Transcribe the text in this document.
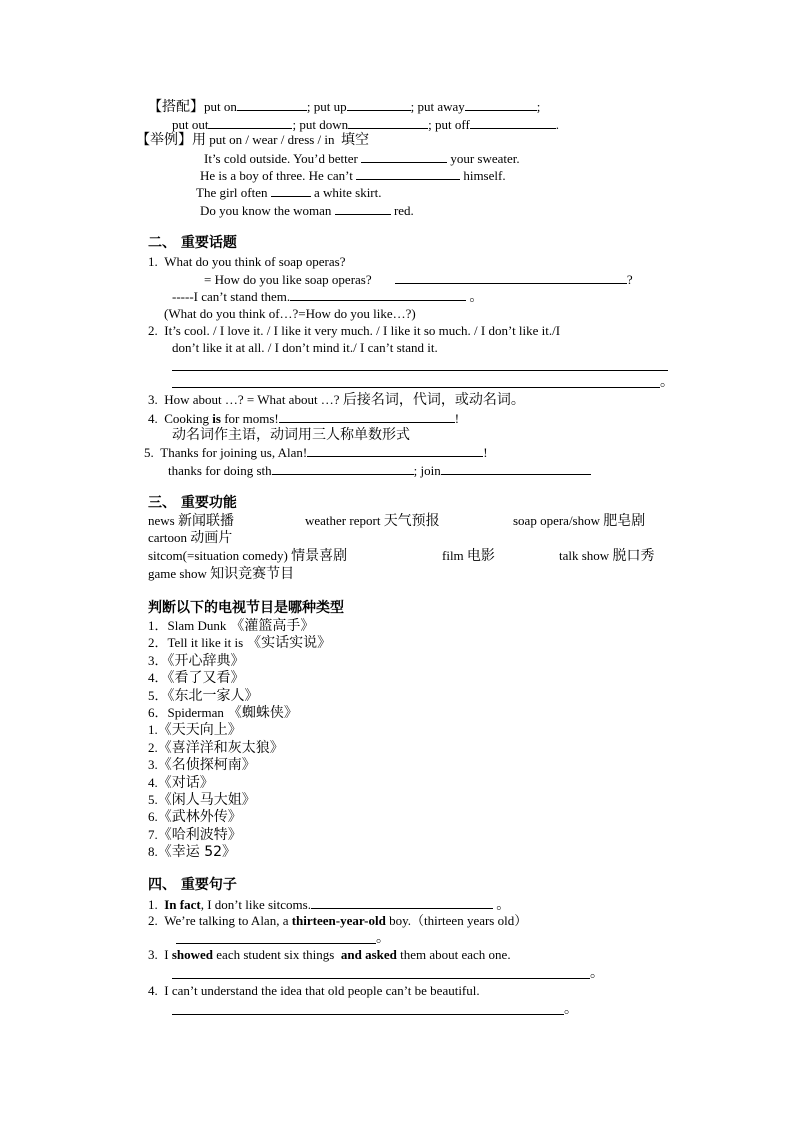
【搭配】put on	; put up	; put away	;
put out	; put down	; put off	.
【举例】用 put on / wear / dress / in 填空
It’s cold outside. You’d better	your sweater.
He is a boy of three. He can’t	himself.
The girl often	a white skirt.
Do you know the woman	red.
二、 重要话题
1. What do you think of soap operas?
= How do you like soap operas?	?
-----I can’t stand them.	。
(What do you think of…?=How do you like…?)
2. It’s cool. / I love it. / I like it very much. / I like it so much. / I don’t like it./I
don’t like it at all. / I don’t mind it./ I can’t stand it.
。
3. How about …? = What about …? 后接名词，代词，或动名词。
4. Cooking is for moms!	!
动名词作主语，动词用三人称单数形式
5. Thanks for joining us, Alan!	!
thanks for doing sth	; join
三、 重要功能
news 新闻联播	weather report 天气预报	soap opera/show 肥皂剧
cartoon 动画片
sitcom(=situation comedy) 情景喜剧	film 电影	talk show 脱口秀
game show 知识竞赛节目
判断以下的电视节目是哪种类型
1．Slam Dunk 《灌篮高手》
2．Tell it like it is 《实话实说》
3．《开心辞典》
4．《看了又看》
5．《东北一家人》
6．Spiderman 《蜘蛛侠》
1.《天天向上》
2.《喜洋洋和灰太狼》
3.《名侦探柯南》
4.《对话》
5.《闲人马大姐》
6.《武林外传》
7.《哈利波特》
8.《幸运 52》
四、 重要句子
1. In fact, I don’t like sitcoms.	。
2. We’re talking to Alan, a thirteen-year-old boy.（thirteen years old）
。
3. I showed each student six things and asked them about each one.
。
4. I can’t understand the idea that old people can’t be beautiful.
。
